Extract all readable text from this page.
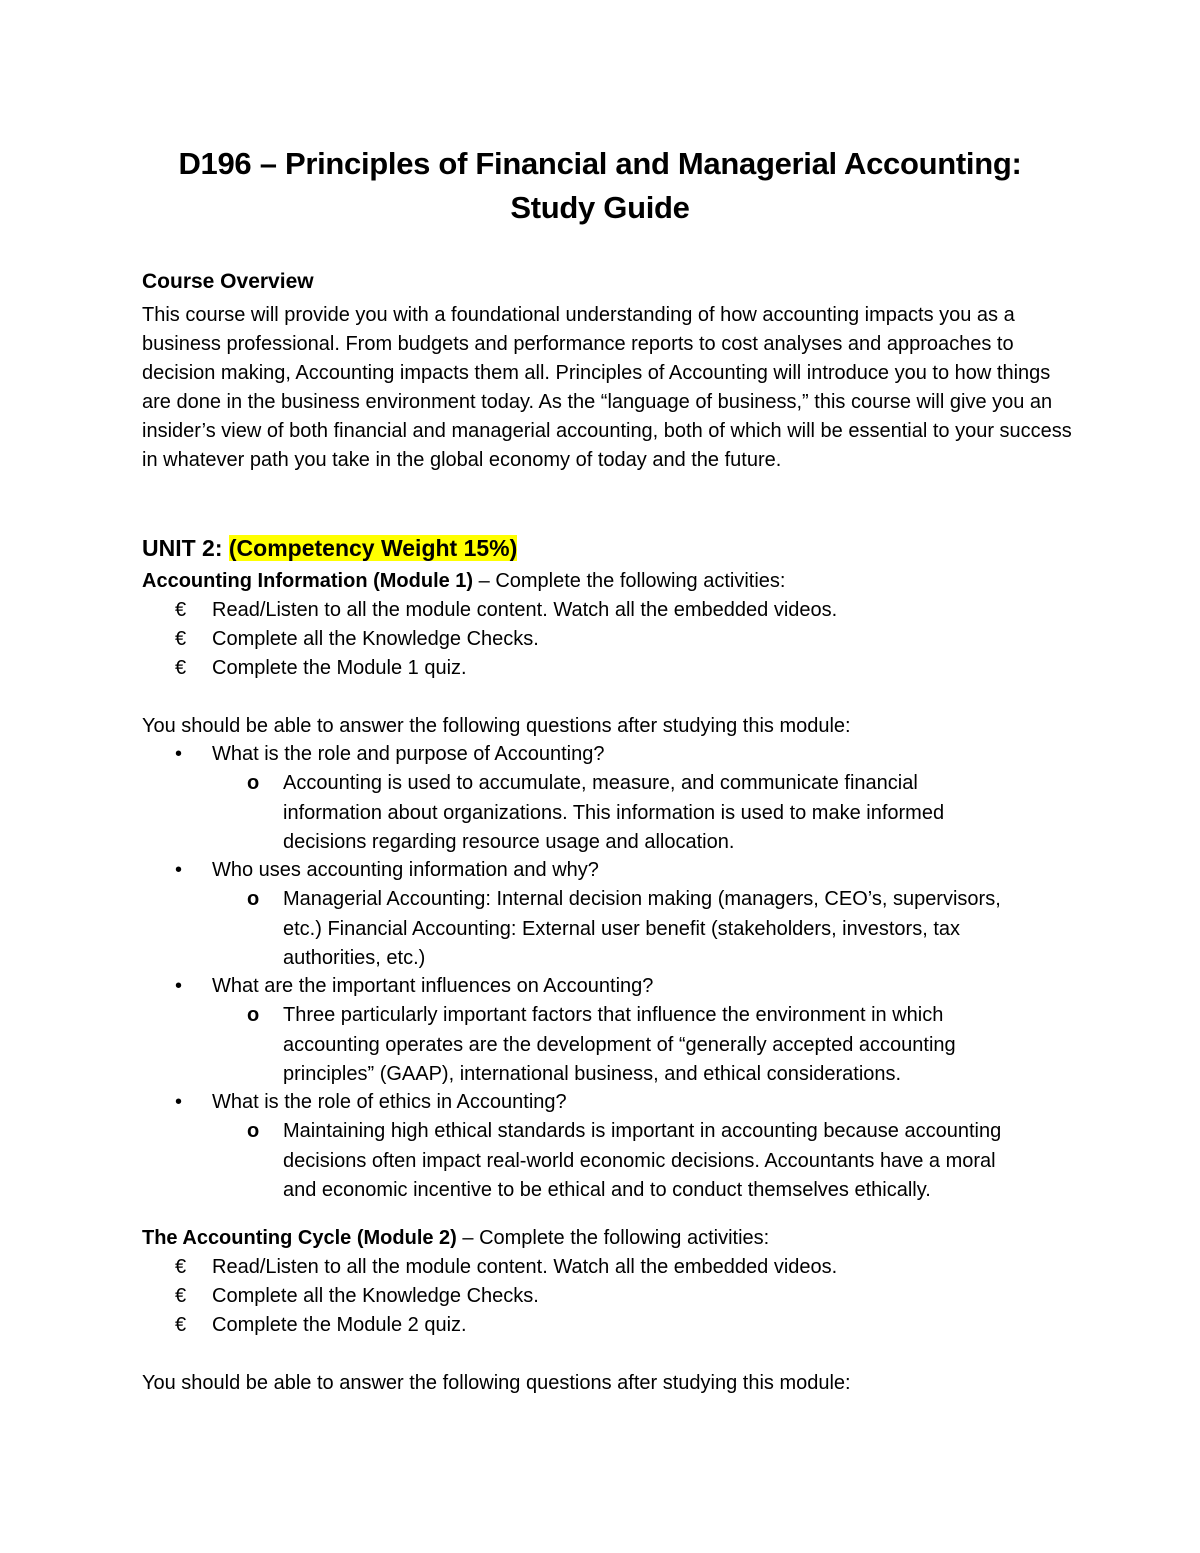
D196 – Principles of Financial and Managerial Accounting:
Study Guide
Course Overview
This course will provide you with a foundational understanding of how accounting impacts you as a business professional. From budgets and performance reports to cost analyses and approaches to decision making, Accounting impacts them all. Principles of Accounting will introduce you to how things are done in the business environment today. As the “language of business,” this course will give you an insider’s view of both financial and managerial accounting, both of which will be essential to your success in whatever path you take in the global economy of today and the future.
UNIT 2: (Competency Weight 15%)
Accounting Information (Module 1) – Complete the following activities:
€ Read/Listen to all the module content. Watch all the embedded videos.
€ Complete all the Knowledge Checks.
€ Complete the Module 1 quiz.
You should be able to answer the following questions after studying this module:
• What is the role and purpose of Accounting?
o Accounting is used to accumulate, measure, and communicate financial
information about organizations. This information is used to make informed
decisions regarding resource usage and allocation.
• Who uses accounting information and why?
o Managerial Accounting: Internal decision making (managers, CEO’s, supervisors,
etc.) Financial Accounting: External user benefit (stakeholders, investors, tax
authorities, etc.)
• What are the important influences on Accounting?
o Three particularly important factors that influence the environment in which
accounting operates are the development of “generally accepted accounting
principles” (GAAP), international business, and ethical considerations.
• What is the role of ethics in Accounting?
o Maintaining high ethical standards is important in accounting because accounting
decisions often impact real-world economic decisions. Accountants have a moral
and economic incentive to be ethical and to conduct themselves ethically.
The Accounting Cycle (Module 2) – Complete the following activities:
€ Read/Listen to all the module content. Watch all the embedded videos.
€ Complete all the Knowledge Checks.
€ Complete the Module 2 quiz.
You should be able to answer the following questions after studying this module:
